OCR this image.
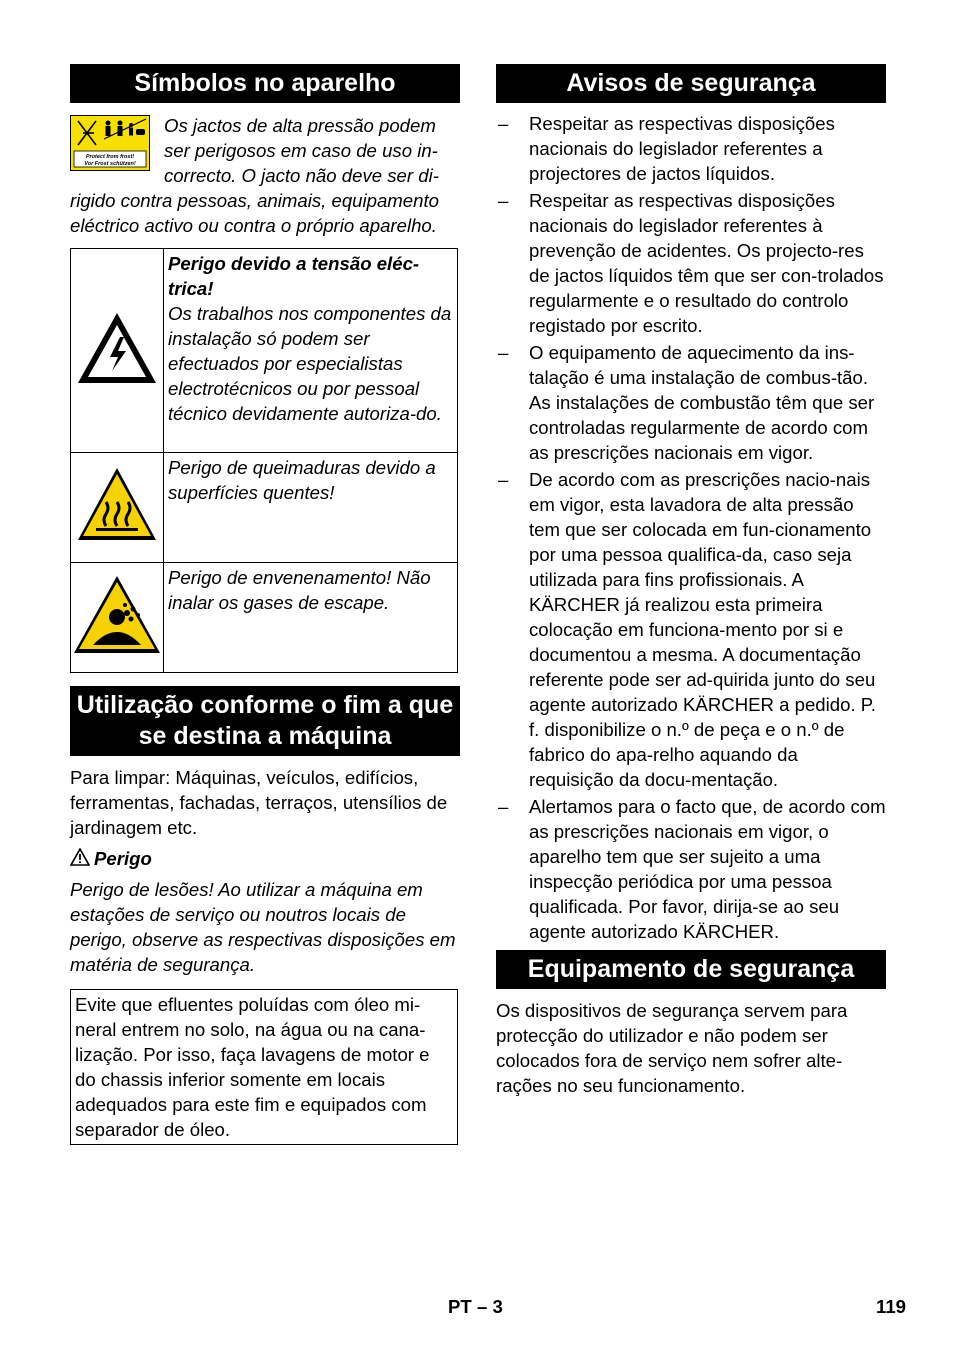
Símbolos no aparelho
Protect from frost!
Vor Frost schützen!
Os jactos de alta pressão podem ser perigosos em caso de uso in-correcto. O jacto não deve ser di-rigido contra pessoas, animais, equipamento eléctrico activo ou contra o próprio aparelho.

Perigo devido a tensão eléc-trica!
Os trabalhos nos componentes da instalação só podem ser efectuados por especialistas electrotécnicos ou por pessoal técnico devidamente autoriza-do.

Perigo de queimaduras devido a superfícies quentes!

Perigo de envenenamento! Não inalar os gases de escape.
Utilização conforme o fim a que se destina a máquina
Para limpar: Máquinas, veículos, edifícios, ferramentas, fachadas, terraços, utensílios de jardinagem etc.
Perigo
Perigo de lesões! Ao utilizar a máquina em estações de serviço ou noutros locais de perigo, observe as respectivas disposições em matéria de segurança.
Evite que efluentes poluídas com óleo mi-neral entrem no solo, na água ou na cana-lização. Por isso, faça lavagens de motor e do chassis inferior somente em locais adequados para este fim e equipados com separador de óleo.
Avisos de segurança
– Respeitar as respectivas disposições nacionais do legislador referentes a projectores de jactos líquidos.
– Respeitar as respectivas disposições nacionais do legislador referentes à prevenção de acidentes. Os projecto-res de jactos líquidos têm que ser con-trolados regularmente e o resultado do controlo registado por escrito.
– O equipamento de aquecimento da ins-talação é uma instalação de combus-tão. As instalações de combustão têm que ser controladas regularmente de acordo com as prescrições nacionais em vigor.
– De acordo com as prescrições nacio-nais em vigor, esta lavadora de alta pressão tem que ser colocada em fun-cionamento por uma pessoa qualifica-da, caso seja utilizada para fins profissionais. A KÄRCHER já realizou esta primeira colocação em funciona-mento por si e documentou a mesma. A documentação referente pode ser ad-quirida junto do seu agente autorizado KÄRCHER a pedido. P. f. disponibilize o n.º de peça e o n.º de fabrico do apa-relho aquando da requisição da docu-mentação.
– Alertamos para o facto que, de acordo com as prescrições nacionais em vigor, o aparelho tem que ser sujeito a uma inspecção periódica por uma pessoa qualificada. Por favor, dirija-se ao seu agente autorizado KÄRCHER.
Equipamento de segurança
Os dispositivos de segurança servem para protecção do utilizador e não podem ser colocados fora de serviço nem sofrer alte-rações no seu funcionamento.
PT – 3	119
